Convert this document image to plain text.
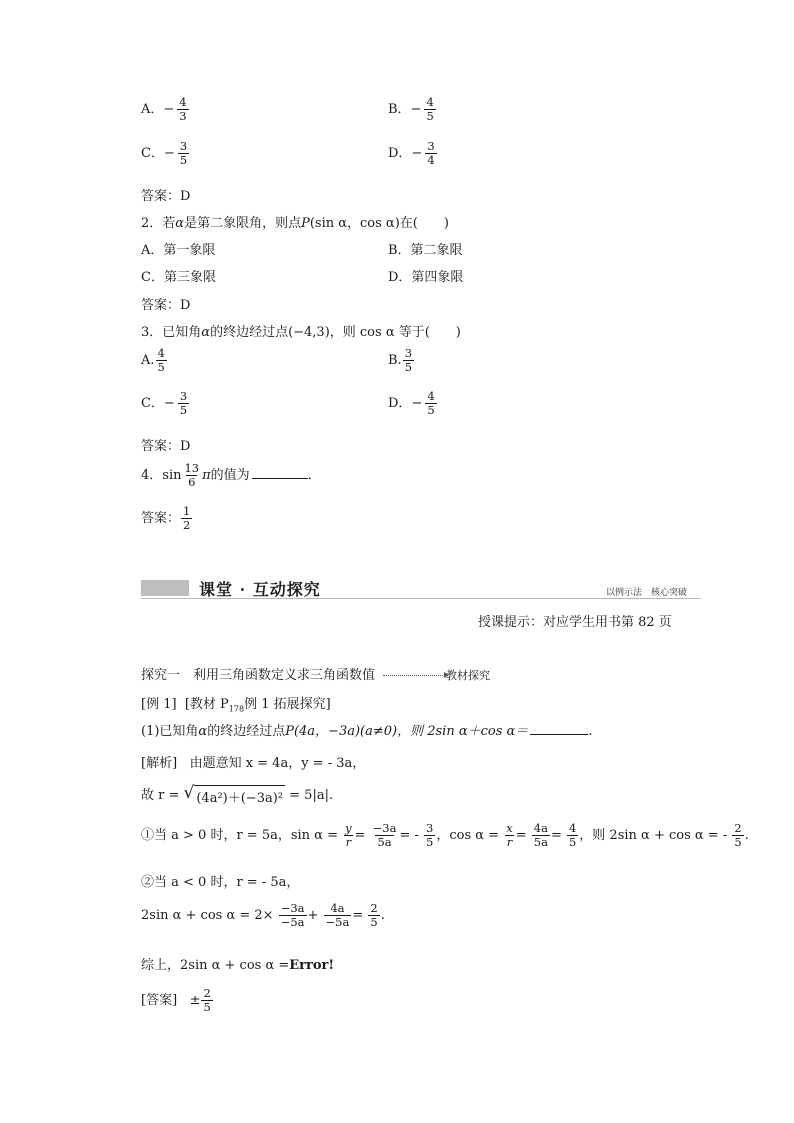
A．− $\frac{4}{3}$	B．− $\frac{4}{5}$
C．− $\frac{3}{5}$	D．− $\frac{3}{4}$
答案：D
2．若α是第二象限角，则点P(sin α，cos α)在(　　)
A．第一象限	B．第二象限
C．第三象限	D．第四象限
答案：D
3．已知角α的终边经过点(−4,3)，则 cos α 等于(　　)
A. $\frac{4}{5}$	B. $\frac{3}{5}$
C．− $\frac{3}{5}$	D．− $\frac{4}{5}$
答案：D
4．$\sin \frac{13}{6}$ π的值为	．
答案： $\frac{1}{2}$
课堂 · 互动探究	以例示法　核心突破
授课提示：对应学生用书第 82 页
探究一　利用三角函数定义求三角函数值	教材探究
[例 1] [教材 $P_{178}$例 1 拓展探究]
(1)已知角α的终边经过点P(4a，−3a)(a≠0)，则 2sin α＋cos α＝	.
[解析] 由题意知 x = 4a，y = - 3a，
故 r = √ (4a²)＋(−3a)² = 5|a|.
①当 a > 0 时，r = 5a，$\sin \alpha = \frac{y}{r} = \frac{-3a}{5a}$ = - $\frac{3}{5}$ ，$\cos \alpha = \frac{x}{r} = \frac{4a}{5a} = \frac{4}{5}$ ，则 2sin α + cos α = - $\frac{2}{5}$ .
②当 a < 0 时，r = - 5a，
2sin $\alpha + \cos \alpha = 2\times \frac{-3a}{-5a} + \frac{4a}{-5a} = \frac{2}{5}$ .
综上，2sin α + cos α =Error!
[答案] ± $\frac{2}{5}$
